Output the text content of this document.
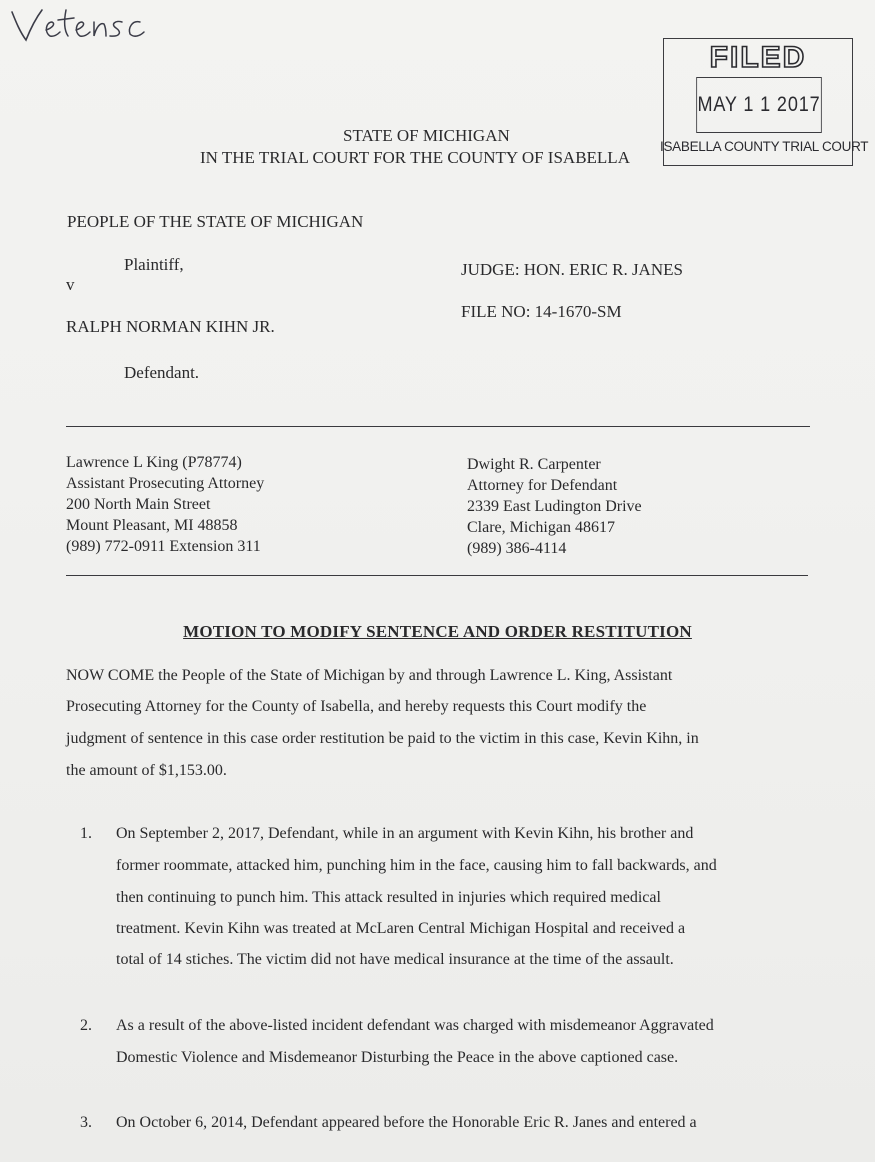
FILED
MAY 1 1 2017
ISABELLA COUNTY TRIAL COURT
STATE OF MICHIGAN
IN THE TRIAL COURT FOR THE COUNTY OF ISABELLA
PEOPLE OF THE STATE OF MICHIGAN
Plaintiff,
v
RALPH NORMAN KIHN JR.
Defendant.
JUDGE: HON. ERIC R. JANES
FILE NO: 14-1670-SM
Lawrence L King (P78774)
Assistant Prosecuting Attorney
200 North Main Street
Mount Pleasant, MI 48858
(989) 772-0911 Extension 311
Dwight R. Carpenter
Attorney for Defendant
2339 East Ludington Drive
Clare, Michigan 48617
(989) 386-4114
MOTION TO MODIFY SENTENCE AND ORDER RESTITUTION
NOW COME the People of the State of Michigan by and through Lawrence L. King, Assistant
Prosecuting Attorney for the County of Isabella, and hereby requests this Court modify the
judgment of sentence in this case order restitution be paid to the victim in this case, Kevin Kihn, in
the amount of $1,153.00.
1. On September 2, 2017, Defendant, while in an argument with Kevin Kihn, his brother and
former roommate, attacked him, punching him in the face, causing him to fall backwards, and
then continuing to punch him. This attack resulted in injuries which required medical
treatment. Kevin Kihn was treated at McLaren Central Michigan Hospital and received a
total of 14 stiches. The victim did not have medical insurance at the time of the assault.
2. As a result of the above-listed incident defendant was charged with misdemeanor Aggravated
Domestic Violence and Misdemeanor Disturbing the Peace in the above captioned case.
3. On October 6, 2014, Defendant appeared before the Honorable Eric R. Janes and entered a
